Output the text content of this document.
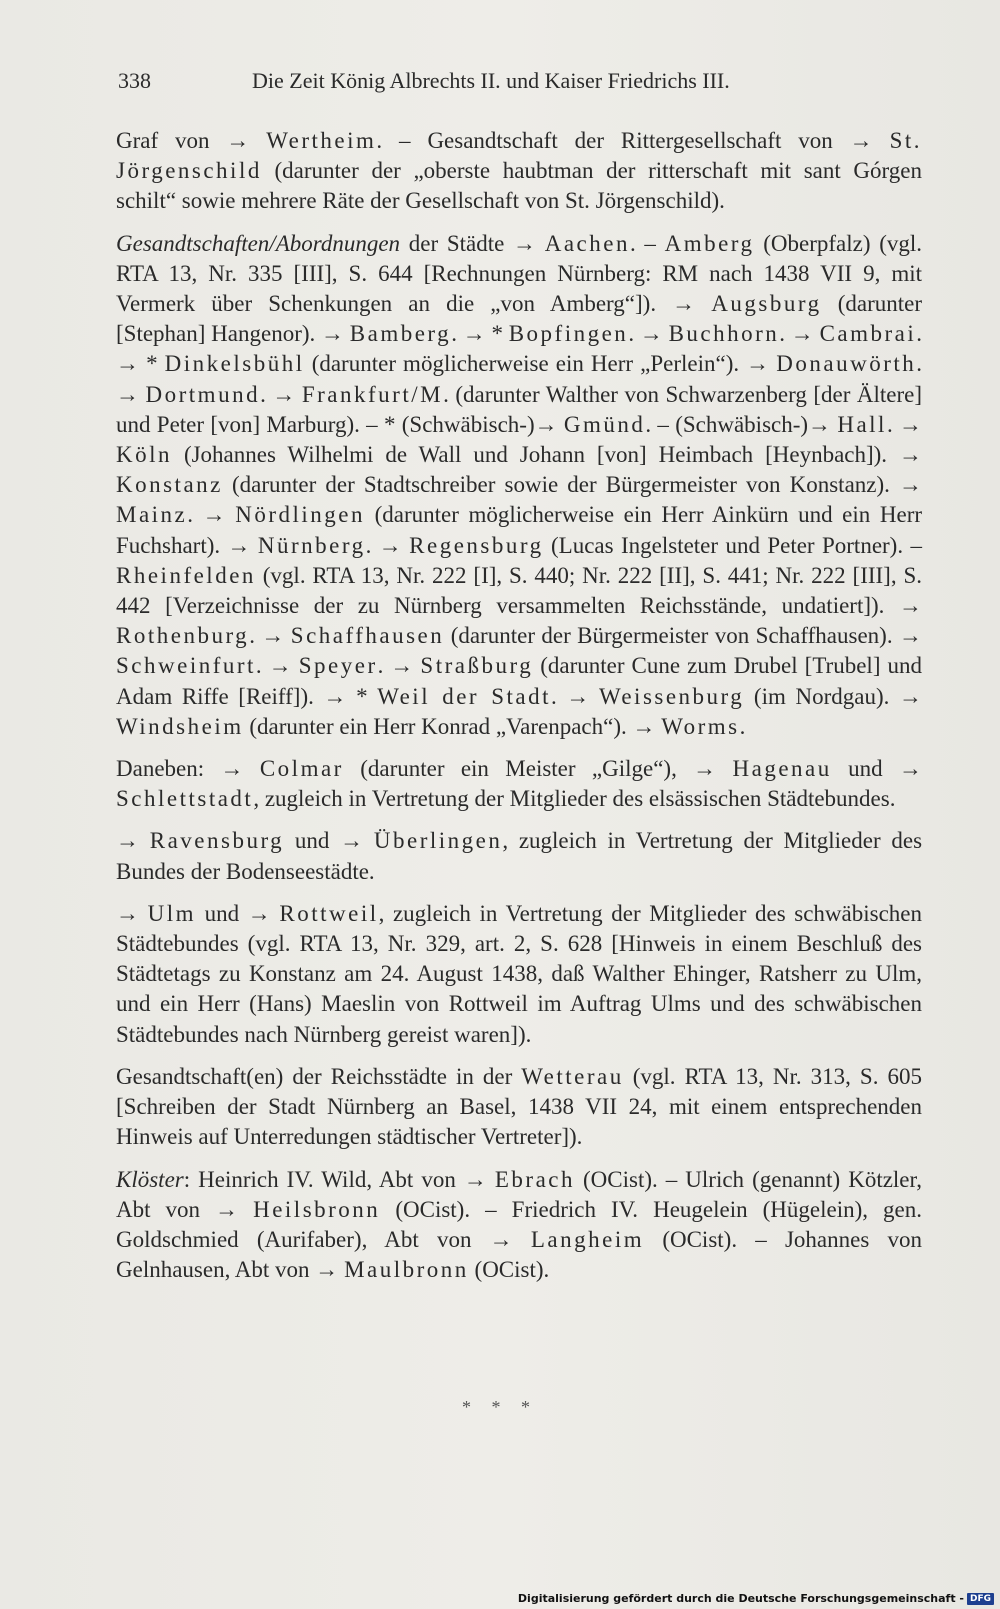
338	Die Zeit König Albrechts II. und Kaiser Friedrichs III.

Graf von → Wertheim. – Gesandtschaft der Rittergesellschaft von → St. Jörgenschild (darunter der „oberste haubtman der ritterschaft mit sant Górgen schilt“ sowie mehrere Räte der Gesellschaft von St. Jörgenschild).

Gesandtschaften/Abordnungen der Städte → Aachen. – Amberg (Oberpfalz) (vgl. RTA 13, Nr. 335 [III], S. 644 [Rechnungen Nürnberg: RM nach 1438 VII 9, mit Vermerk über Schenkungen an die „von Amberg“]). → Augsburg (darunter [Stephan] Hangenor). → Bamberg. → * Bopfingen. → Buchhorn. → Cambrai. → * Dinkelsbühl (darunter möglicherweise ein Herr „Perlein“). → Donauwörth. → Dortmund. → Frankfurt/M. (darunter Walther von Schwarzenberg [der Ältere] und Peter [von] Marburg). – * (Schwäbisch-)→ Gmünd. – (Schwäbisch-)→ Hall. → Köln (Johannes Wilhelmi de Wall und Johann [von] Heimbach [Heynbach]). → Konstanz (darunter der Stadtschreiber sowie der Bürgermeister von Konstanz). → Mainz. → Nördlingen (darunter möglicherweise ein Herr Ainkürn und ein Herr Fuchshart). → Nürnberg. → Regensburg (Lucas Ingelsteter und Peter Portner). – Rheinfelden (vgl. RTA 13, Nr. 222 [I], S. 440; Nr. 222 [II], S. 441; Nr. 222 [III], S. 442 [Verzeichnisse der zu Nürnberg versammelten Reichsstände, undatiert]). → Rothenburg. → Schaffhausen (darunter der Bürgermeister von Schaffhausen). → Schweinfurt. → Speyer. → Straßburg (darunter Cune zum Drubel [Trubel] und Adam Riffe [Reiff]). → * Weil der Stadt. → Weissenburg (im Nordgau). → Windsheim (darunter ein Herr Konrad „Varenpach“). → Worms.

Daneben: → Colmar (darunter ein Meister „Gilge“), → Hagenau und → Schlettstadt, zugleich in Vertretung der Mitglieder des elsässischen Städtebundes.

→ Ravensburg und → Überlingen, zugleich in Vertretung der Mitglieder des Bundes der Bodenseestädte.

→ Ulm und → Rottweil, zugleich in Vertretung der Mitglieder des schwäbischen Städtebundes (vgl. RTA 13, Nr. 329, art. 2, S. 628 [Hinweis in einem Beschluß des Städtetags zu Konstanz am 24. August 1438, daß Walther Ehinger, Ratsherr zu Ulm, und ein Herr (Hans) Maeslin von Rottweil im Auftrag Ulms und des schwäbischen Städtebundes nach Nürnberg gereist waren]).

Gesandtschaft(en) der Reichsstädte in der Wetterau (vgl. RTA 13, Nr. 313, S. 605 [Schreiben der Stadt Nürnberg an Basel, 1438 VII 24, mit einem entsprechenden Hinweis auf Unterredungen städtischer Vertreter]).

Klöster: Heinrich IV. Wild, Abt von → Ebrach (OCist). – Ulrich (genannt) Kötzler, Abt von → Heilsbronn (OCist). – Friedrich IV. Heugelein (Hügelein), gen. Goldschmied (Aurifaber), Abt von → Langheim (OCist). – Johannes von Gelnhausen, Abt von → Maulbronn (OCist).

* * *
Digitalisierung gefördert durch die Deutsche Forschungsgemeinschaft - DFG
